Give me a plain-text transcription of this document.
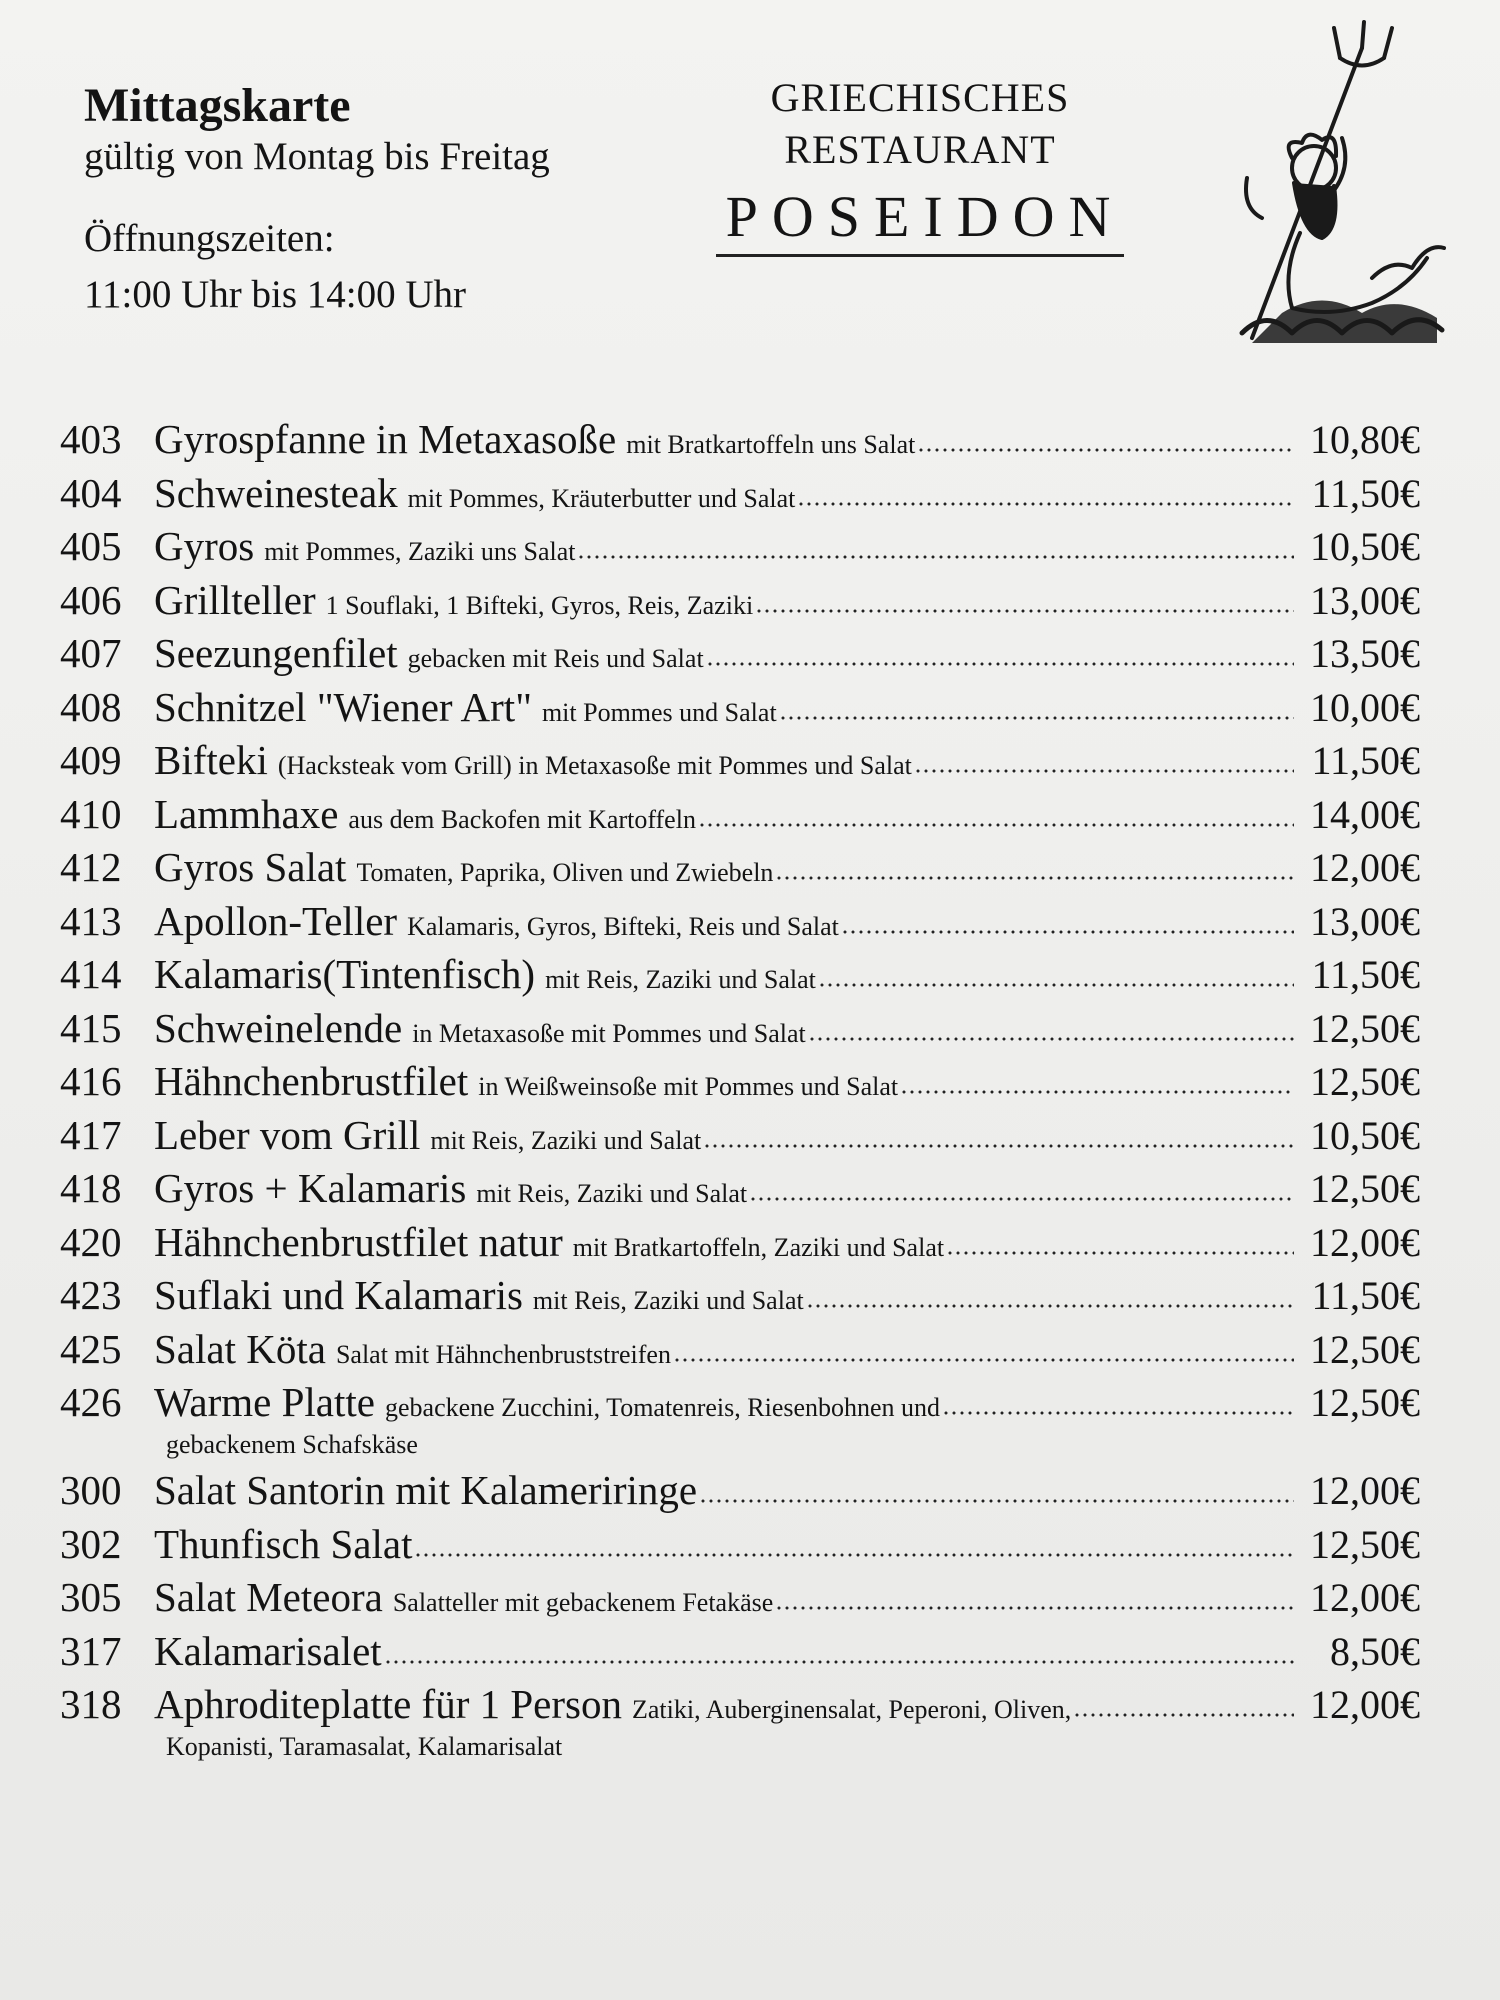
Mittagskarte
gültig von Montag bis Freitag
Öffnungszeiten:
11:00 Uhr bis 14:00 Uhr
GRIECHISCHES
RESTAURANT
POSEIDON
403 Gyrospfanne in Metaxasoße mit Bratkartoffeln uns Salat	10,80€
404 Schweinesteak mit Pommes, Kräuterbutter und Salat	11,50€
405 Gyros mit Pommes, Zaziki uns Salat	10,50€
406 Grillteller 1 Souflaki, 1 Bifteki, Gyros, Reis, Zaziki	13,00€
407 Seezungenfilet gebacken mit Reis und Salat	13,50€
408 Schnitzel "Wiener Art" mit Pommes und Salat	10,00€
409 Bifteki (Hacksteak vom Grill) in Metaxasoße mit Pommes und Salat	11,50€
410 Lammhaxe aus dem Backofen mit Kartoffeln	14,00€
412 Gyros Salat Tomaten, Paprika, Oliven und Zwiebeln	12,00€
413 Apollon-Teller Kalamaris, Gyros, Bifteki, Reis und Salat	13,00€
414 Kalamaris(Tintenfisch) mit Reis, Zaziki und Salat	11,50€
415 Schweinelende in Metaxasoße mit Pommes und Salat	12,50€
416 Hähnchenbrustfilet in Weißweinsoße mit Pommes und Salat	12,50€
417 Leber vom Grill mit Reis, Zaziki und Salat	10,50€
418 Gyros + Kalamaris mit Reis, Zaziki und Salat	12,50€
420 Hähnchenbrustfilet natur mit Bratkartoffeln, Zaziki und Salat	12,00€
423 Suflaki und Kalamaris mit Reis, Zaziki und Salat	11,50€
425 Salat Köta Salat mit Hähnchenbruststreifen	12,50€
426 Warme Platte gebackene Zucchini, Tomatenreis, Riesenbohnen und	12,50€
gebackenem Schafskäse
300 Salat Santorin mit Kalameriringe	12,00€
302 Thunfisch Salat	12,50€
305 Salat Meteora Salatteller mit gebackenem Fetakäse	12,00€
317 Kalamarisalet	8,50€
318 Aphroditeplatte für 1 Person Zatiki, Auberginensalat, Peperoni, Oliven,	12,00€
Kopanisti, Taramasalat, Kalamarisalat
